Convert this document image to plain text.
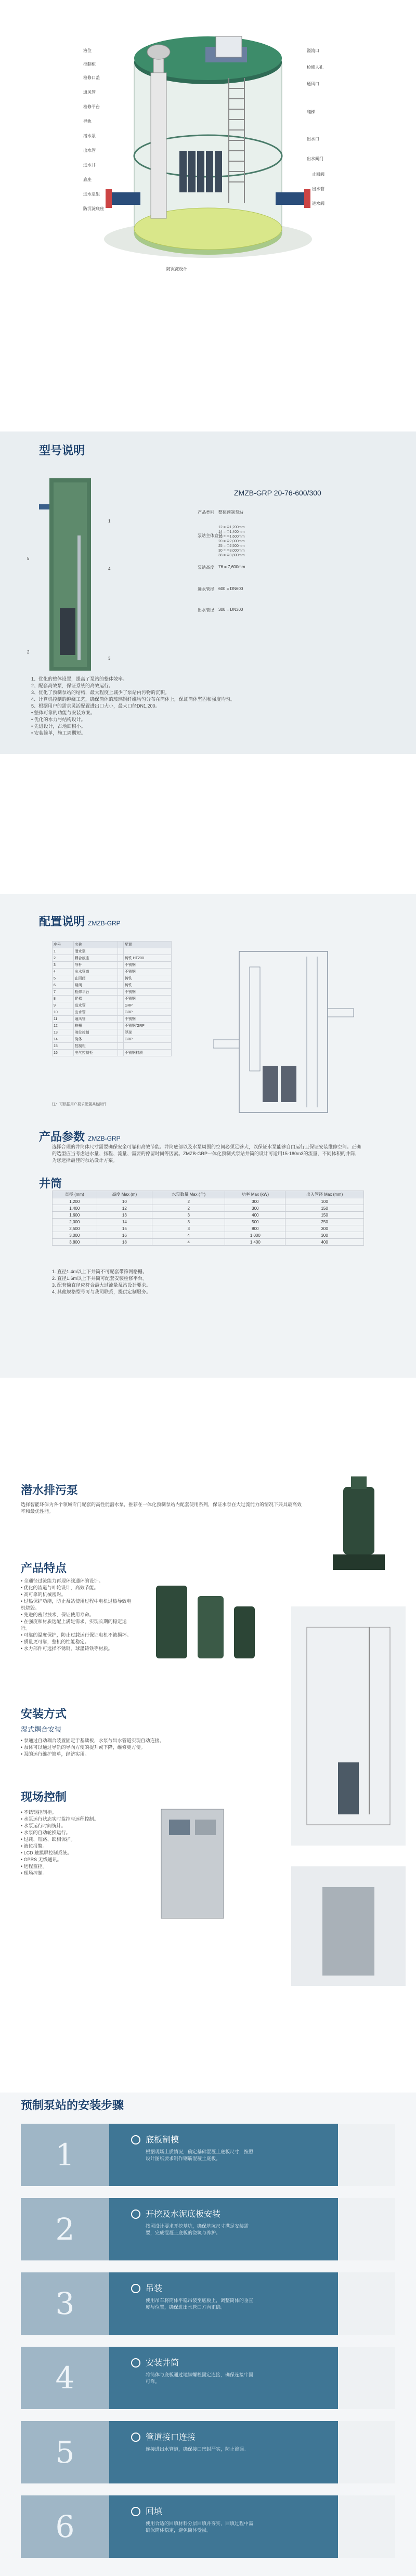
液位
控制柜
检修口盖
通风管
检修平台
导轨
潜水泵
出水管
进水井
底座
进水泵组
防沉淀底座
溢流口
检修人孔
通风口
爬梯
出水口
出水阀门
止回阀
出水管
进水阀
防沉淀设计
型号说明
1
2
3
4
5
ZMZB-GRP 20-76-600/300
产品类别 整体预制泵站
泵站主体直径
12 = Φ1,200mm
14 = Φ1,400mm
16 = Φ1,600mm
20 = Φ2,000mm
25 = Φ2,500mm
30 = Φ3,000mm
38 = Φ3,800mm
泵站高度 76 = 7,600mm
进水管径 600 = DN600
出水管径 300 = DN300
1、优化的整体设置，提高了泵站的整体效率。
2、配套高效泵，保证系统的高效运行。
3、优化了预制泵站的结构，最大程度上减少了泵站内污物的沉积。
4、计算机控制的缠绕工艺，确保筒体的玻璃钢纤维均匀分布在筒体上，保证筒体坚固和强度均匀。
5、根据用户的需求灵活配置进出口大小，最大口径DN1,200。
• 整体可靠的功能与安装方案。
• 优化的水力与结构设计。
• 先进设计，占地面积小。
• 安装简单，施工周期短。
配置说明 ZMZB-GRP
序号	名称		配置
1	潜水泵		
2	耦合底座		铸铁 HT200
3	导杆		不锈钢
4	出水管道		不锈钢
5	止回阀		铸铁
6	闸阀		铸铁
7	检修平台		不锈钢
8	爬梯		不锈钢
9	进水管		GRP
10	出水管		GRP
11	通风管		不锈钢
12	格栅		不锈钢/GRP
13	液位控制		浮球
14	筒体		GRP
15	控制柜		
16	电气控制柜		不锈钢材质
注：可根据用户要求配置其他附件
产品参数 ZMZB-GRP
选择合理的井筒体尺寸需要确保安全可靠和高效节能。井筒底部以及水泵周围的空间必须足够大，以保证水泵能够自由运行且保证安装维修空间。正确的选型应当考虑进水量、扬程、流量、需要的停留时间等因素。ZMZB-GRP一体化预制式泵站井筒的设计可适用15-180m3的流量，不同体积的井筒，为您选择最佳的泵站设计方案。
井筒
直径 (mm)	高度 Max (m)	水泵数量 Max (个)	功率 Max (kW)	出入管径 Max (mm)
1,200	10	2	300	100
1,400	12	2	300	150
1,600	13	3	400	150
2,000	14	3	500	250
2,500	15	3	800	300
3,000	16	4	1,000	300
3,800	18	4	1,400	400
1. 直径1.4m以上下井筒不可配套带筛网格栅。
2. 直径1.6m以上下井筒可配套安装检修平台。
3. 配套筒直径应符合最大过流量泵站设计要求。
4. 其他规格型号可与我司联系，提供定制服务。
潜水排污泵
选择智能环保为各个领域专门配套的高性能潜水泵，推荐在一体化预制泵站内配套使用系列，保证水泵在大过流能力的情况下兼具最高效率和最优性能。
产品特点
• 全通径过流能力再现环线通环的设计。
• 优化的流道与叶轮设计，高效节能。
• 高可靠的机械密封。
• 过热保护功能，防止泵站使用过程中电机过热导致电机烧毁。
• 先进的密封技术，保证使用寿命。
• 在强度和材质选配上满足需求，实现长期的稳定运行。
• 可靠的温度保护，防止过载运行保证电机不被损坏。
• 质量更可靠，整机的性能稳定。
• 水力部件可选择不锈钢、球墨铸铁等材质。
安装方式
湿式耦合安装
• 泵通过自动耦合装置固定于基础板，水泵与出水管道实现自动连接。
• 泵体可以通过导轨的导向方便的提升或下降，维修更方便。
• 泵的运行维护简单，经济实用。
现场控制
• 不锈钢控制柜。
• 水泵运行状态实时监控与远程控制。
• 水泵运行时间统计。
• 水泵的自动轮换运行。
• 过载、短路、缺相保护。
• 液位报警。
• LCD 触摸屏控制系统。
• GPRS 无线通讯。
• 远程监控。
• 现场控制。
预制泵站的安装步骤
1	底板制模
根据现场土质情况，确定基础混凝土底板尺寸，按照设计图纸要求制作钢筋混凝土底板。
2	开挖及水泥底板安装
按照设计要求开挖基坑，确保基坑尺寸满足安装需要，完成混凝土底板的浇筑与养护。
3	吊装
使用吊车将筒体平稳吊装至底板上，调整筒体的垂直度与位置，确保进出水管口方向正确。
4	安装井筒
将筒体与底板通过地脚螺栓固定连接，确保连接牢固可靠。
5	管道接口连接
连接进出水管道，确保接口密封严实，防止渗漏。
6	回填
使用合适的回填材料分层回填并夯实，回填过程中需确保筒体稳定，避免筒体受损。
